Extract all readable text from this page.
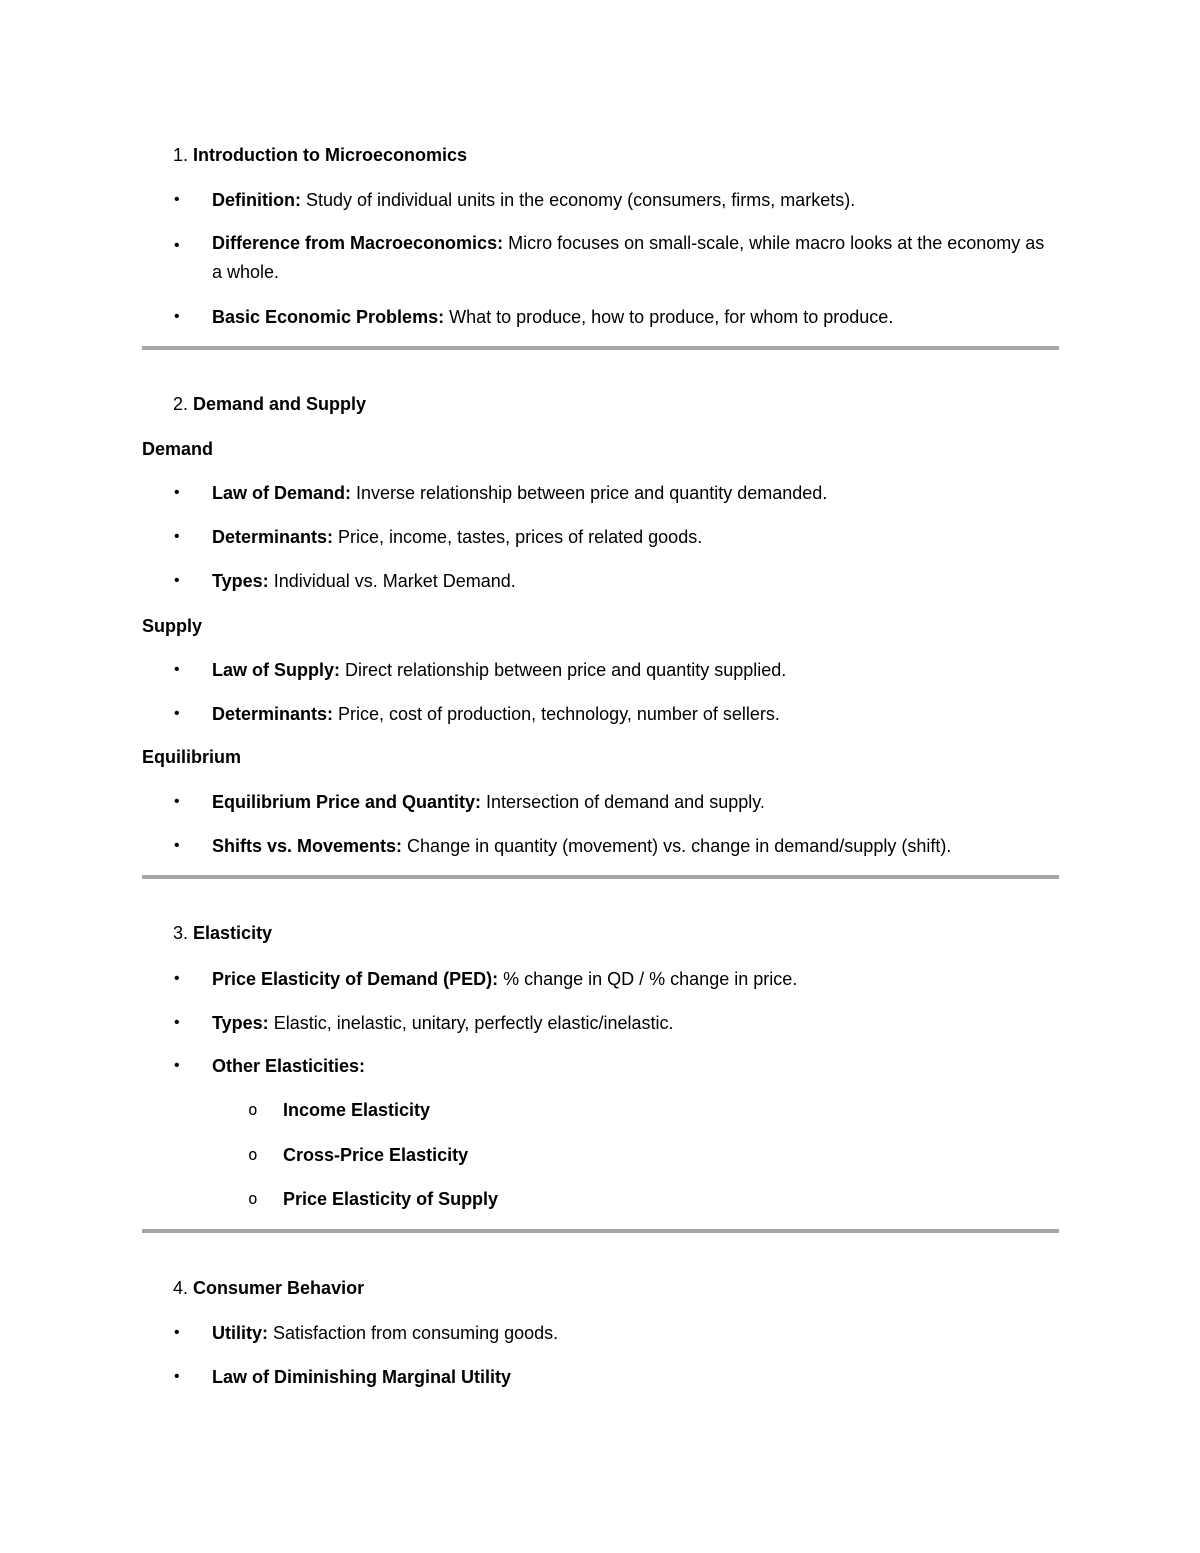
1. Introduction to Microeconomics
• Definition: Study of individual units in the economy (consumers, firms, markets).
• Difference from Macroeconomics: Micro focuses on small-scale, while macro looks at the economy as a whole.
• Basic Economic Problems: What to produce, how to produce, for whom to produce.
2. Demand and Supply
Demand
• Law of Demand: Inverse relationship between price and quantity demanded.
• Determinants: Price, income, tastes, prices of related goods.
• Types: Individual vs. Market Demand.
Supply
• Law of Supply: Direct relationship between price and quantity supplied.
• Determinants: Price, cost of production, technology, number of sellers.
Equilibrium
• Equilibrium Price and Quantity: Intersection of demand and supply.
• Shifts vs. Movements: Change in quantity (movement) vs. change in demand/supply (shift).
3. Elasticity
• Price Elasticity of Demand (PED): % change in QD / % change in price.
• Types: Elastic, inelastic, unitary, perfectly elastic/inelastic.
• Other Elasticities:
o Income Elasticity
o Cross-Price Elasticity
o Price Elasticity of Supply
4. Consumer Behavior
• Utility: Satisfaction from consuming goods.
• Law of Diminishing Marginal Utility
